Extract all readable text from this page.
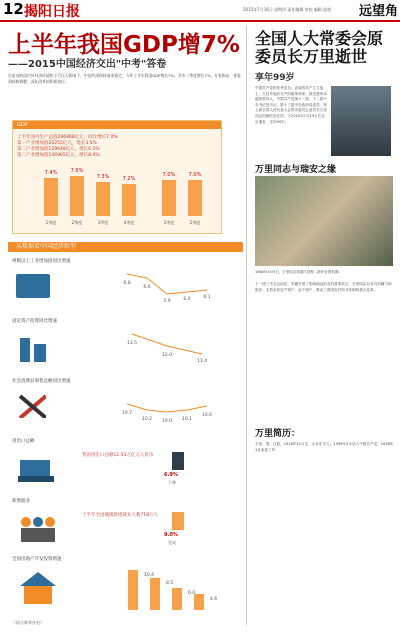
12 揭阳日报	2015年7月16日 星期四 责任编辑 审校 编辑 监校 远望角
上半年我国GDP增7%
——2015中国经济交出"中考"答卷
在复杂的国内外经济环境和下行压力影响下，中国经济保持基本稳定。今年上半年我国GDP增长7%，其中二季度增长7%。专家指出，要看到结构调整、深化改革的积极效应。
GDP
上半年国内生产总值296868亿元，同比增长7.0%
第一产业增加值20255亿元，增长3.5%
第二产业增加值129648亿元，增长6.1%
第三产业增加值146965亿元，增长8.4%
7.4%	7.5%
7.3%	7.2%
1季度	2季度	3季度	4季度
7.0%	7.0%
1季度	2季度
从数据看中国经济转型
规模以上工业增加值同比增速
6.8
6.6
5.9	6.0	6.1
固定资产投资同比增速
13.5
12.0
11.4
社会消费品零售总额同比增速
10.7
10.2 10.0 10.1
10.6
进出口总额
我国进出口总额11.53万亿元人民币
6.9%
下降
新增就业
上半年全国城镇新增就业人数718万人
9.0%
完成
全国房地产开发投资增速
10.4
8.5
6.0
4.6
（综合新华社电）
全国人大常委会原委员长万里逝世
享年99岁
中国共产党的优秀党员，忠诚的共产主义战士，久经考验的无产阶级革命家，我党我军卓越的领导人，中国共产党第十一届、十二届中央书记处书记、第十三届中央政治局委员，第七届全国人民代表大会常务委员会委员长万里同志因病医治无效，于2015年7月15日在北京逝世，享年99岁。
万里同志与瑞安之缘
1980年4月5日，万里同志到湛江视察（新华社资料图）
十一届三中全会前后，安徽开展了影响深远的农村改革试点，万里同志以非凡的魄力和胆识，支持农民包产到户、包干到户，推动了我国农村经济体制的重大变革。
万里简历：
万里，男，汉族，1916年12月生，山东东平人，1936年5月加入中国共产党，1936年1月参加工作。
